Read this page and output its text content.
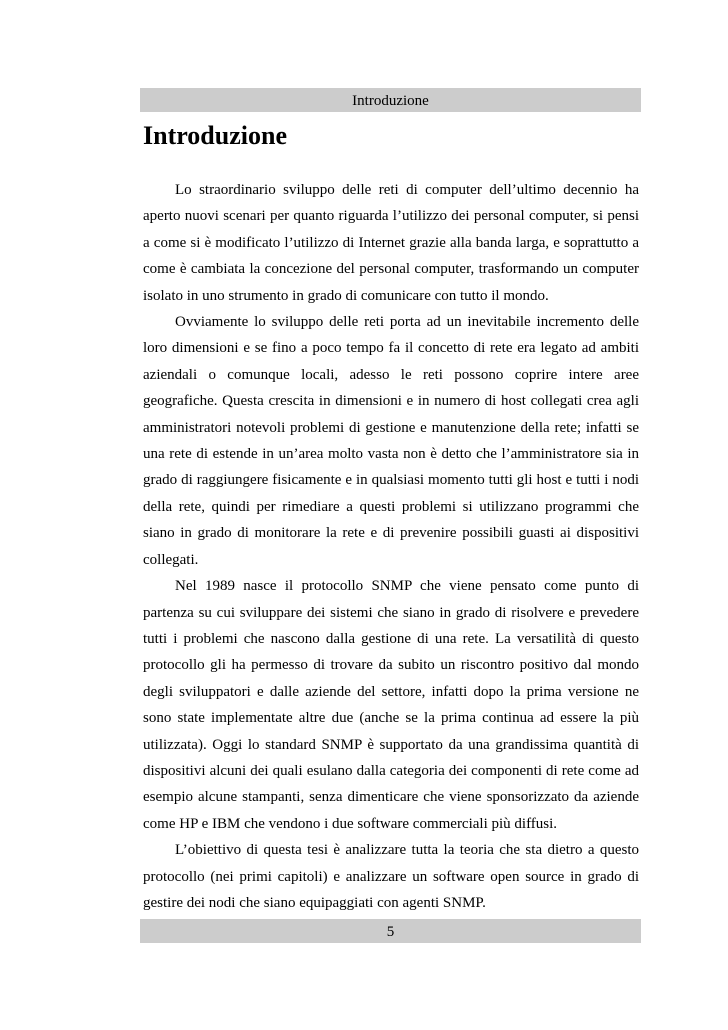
Introduzione
Introduzione

Lo straordinario sviluppo delle reti di computer dell’ultimo decennio ha aperto nuovi scenari per quanto riguarda l’utilizzo dei personal computer, si pensi a come si è modificato l’utilizzo di Internet grazie alla banda larga, e soprattutto a come è cambiata la concezione del personal computer, trasformando un computer isolato in uno strumento in grado di comunicare con tutto il mondo.

Ovviamente lo sviluppo delle reti porta ad un inevitabile incremento delle loro dimensioni e se fino a poco tempo fa il concetto di rete era legato ad ambiti aziendali o comunque locali, adesso le reti possono coprire intere aree geografiche. Questa crescita in dimensioni e in numero di host collegati crea agli amministratori notevoli problemi di gestione e manutenzione della rete; infatti se una rete di estende in un’area molto vasta non è detto che l’amministratore sia in grado di raggiungere fisicamente e in qualsiasi momento tutti gli host e tutti i nodi della rete, quindi per rimediare a questi problemi si utilizzano programmi che siano in grado di monitorare la rete e di prevenire possibili guasti ai dispositivi collegati.

Nel 1989 nasce il protocollo SNMP che viene pensato come punto di partenza su cui sviluppare dei sistemi che siano in grado di risolvere e prevedere tutti i problemi che nascono dalla gestione di una rete. La versatilità di questo protocollo gli ha permesso di trovare da subito un riscontro positivo dal mondo degli sviluppatori e dalle aziende del settore, infatti dopo la prima versione ne sono state implementate altre due (anche se la prima continua ad essere la più utilizzata). Oggi lo standard SNMP è supportato da una grandissima quantità di dispositivi alcuni dei quali esulano dalla categoria dei componenti di rete come ad esempio alcune stampanti, senza dimenticare che viene sponsorizzato da aziende come HP e IBM che vendono i due software commerciali più diffusi.

L’obiettivo di questa tesi è analizzare tutta la teoria che sta dietro a questo protocollo (nei primi capitoli) e analizzare un software open source in grado di gestire dei nodi che siano equipaggiati con agenti SNMP.

5
